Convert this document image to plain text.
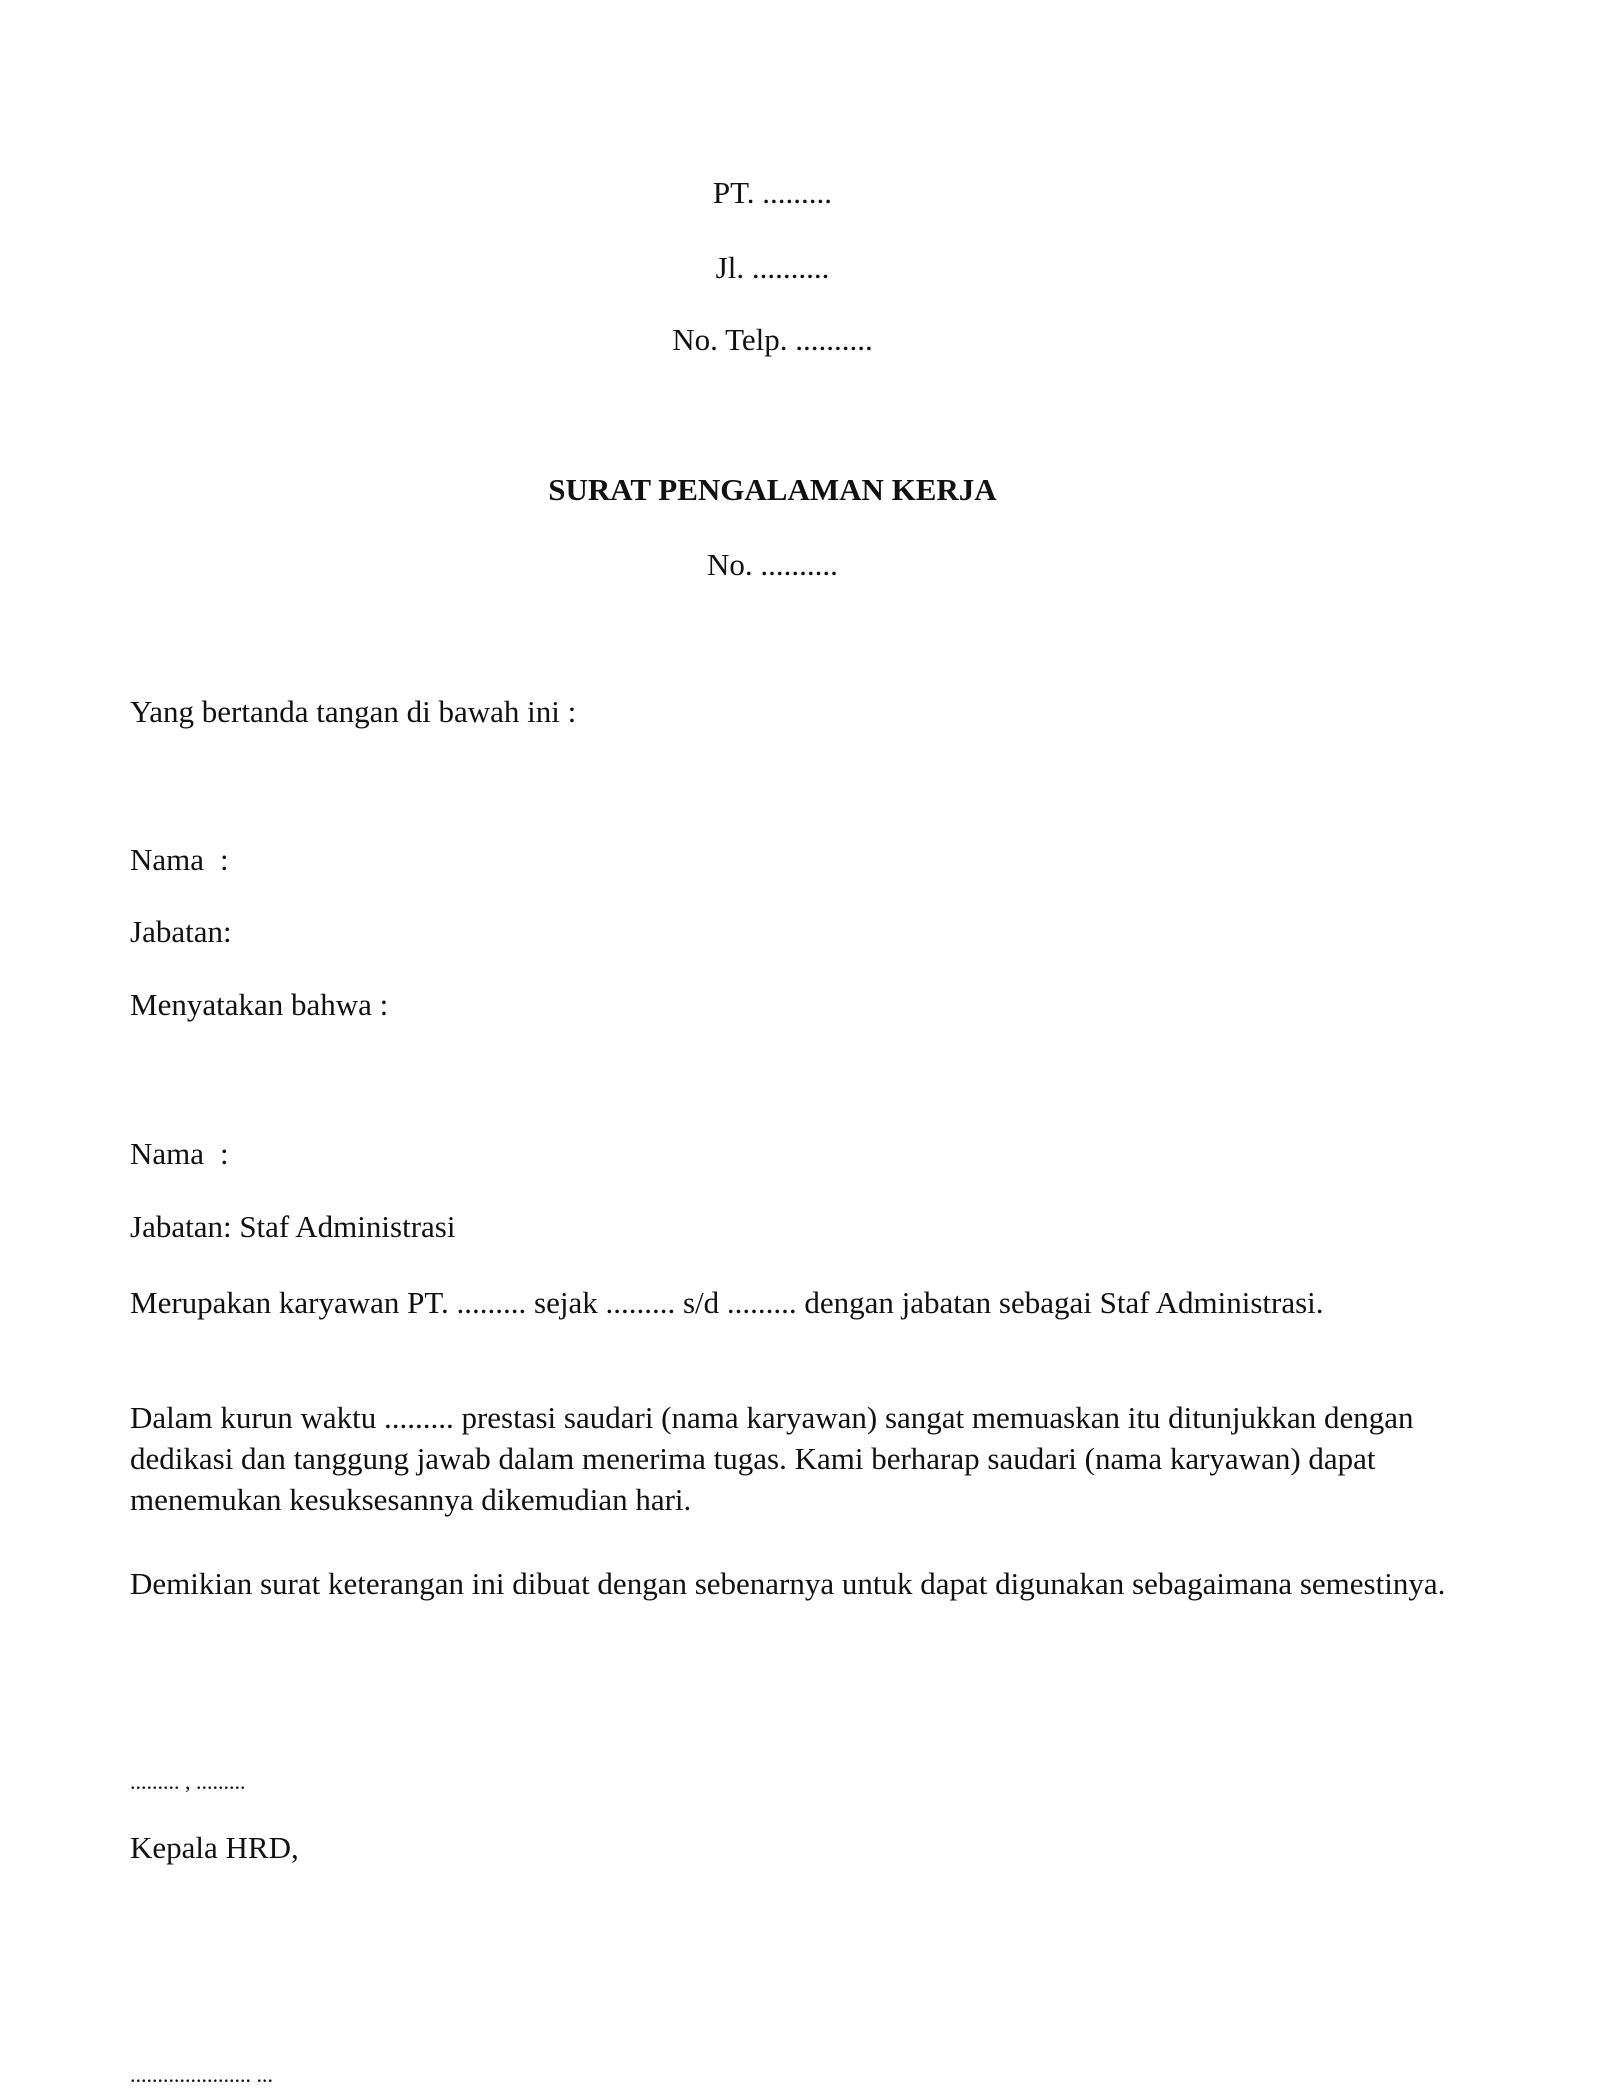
PT. .........
Jl. ..........
No. Telp. ..........
SURAT PENGALAMAN KERJA
No. ..........
Yang bertanda tangan di bawah ini :
Nama :
Jabatan:
Menyatakan bahwa :
Nama :
Jabatan: Staf Administrasi
Merupakan karyawan PT. ......... sejak ......... s/d ......... dengan jabatan sebagai Staf Administrasi.
Dalam kurun waktu ......... prestasi saudari (nama karyawan) sangat memuaskan itu ditunjukkan dengan dedikasi dan tanggung jawab dalam menerima tugas. Kami berharap saudari (nama karyawan) dapat menemukan kesuksesannya dikemudian hari.
Demikian surat keterangan ini dibuat dengan sebenarnya untuk dapat digunakan sebagaimana semestinya.
......... , .........
Kepala HRD,
...................... ...
